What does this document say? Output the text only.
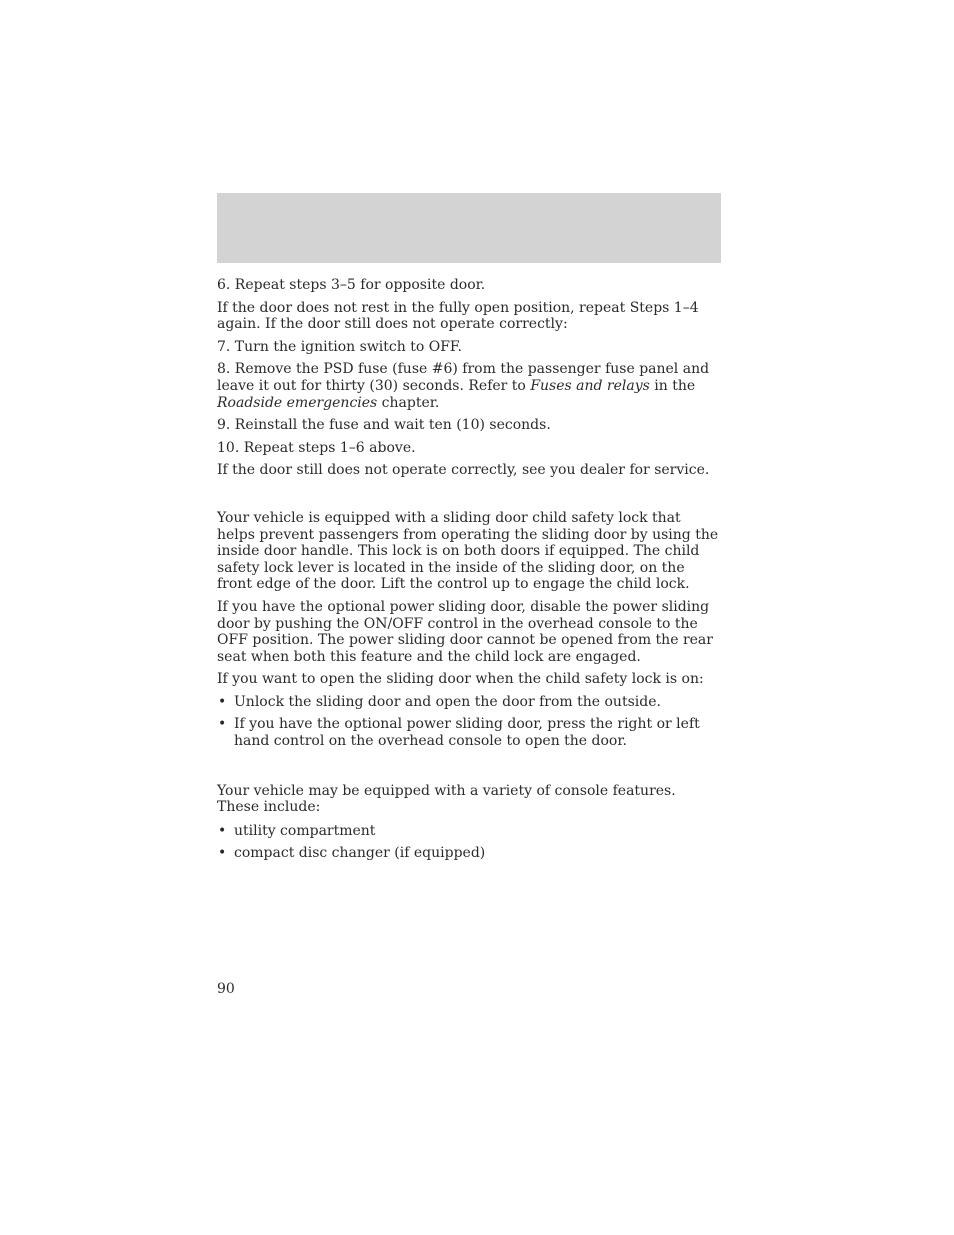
6. Repeat steps 3–5 for opposite door.

If the door does not rest in the fully open position, repeat Steps 1–4 again. If the door still does not operate correctly:

7. Turn the ignition switch to OFF.

8. Remove the PSD fuse (fuse #6) from the passenger fuse panel and leave it out for thirty (30) seconds. Refer to Fuses and relays in the Roadside emergencies chapter.

9. Reinstall the fuse and wait ten (10) seconds.

10. Repeat steps 1–6 above.

If the door still does not operate correctly, see you dealer for service.

Your vehicle is equipped with a sliding door child safety lock that helps prevent passengers from operating the sliding door by using the inside door handle. This lock is on both doors if equipped. The child safety lock lever is located in the inside of the sliding door, on the front edge of the door. Lift the control up to engage the child lock.

If you have the optional power sliding door, disable the power sliding door by pushing the ON/OFF control in the overhead console to the OFF position. The power sliding door cannot be opened from the rear seat when both this feature and the child lock are engaged.

If you want to open the sliding door when the child safety lock is on:

• Unlock the sliding door and open the door from the outside.
• If you have the optional power sliding door, press the right or left hand control on the overhead console to open the door.

Your vehicle may be equipped with a variety of console features. These include:

• utility compartment
• compact disc changer (if equipped)
90
